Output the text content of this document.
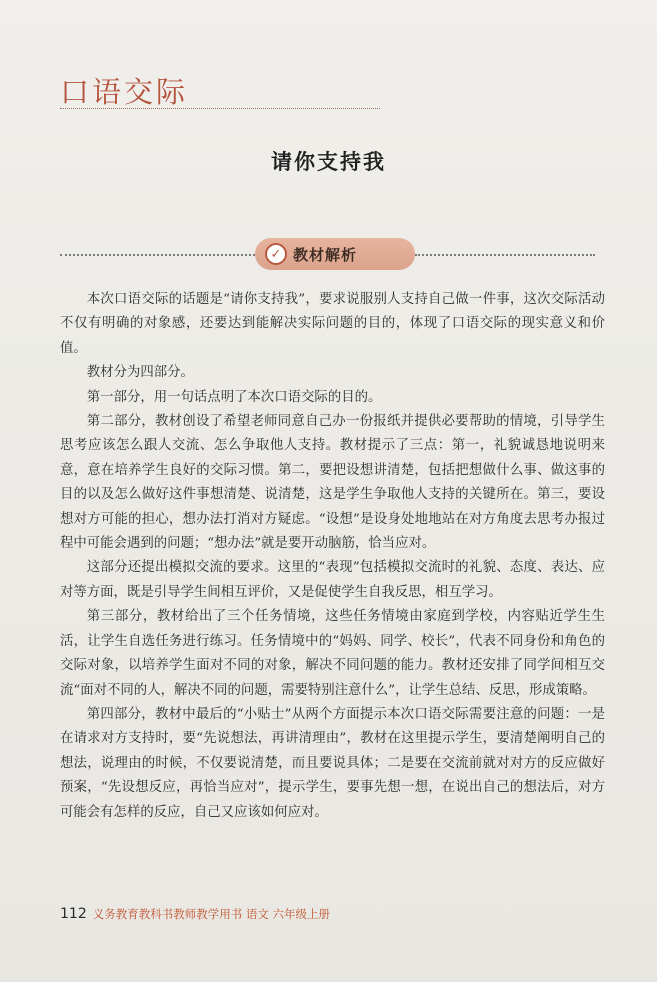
口语交际
请你支持我
✓ 教材解析

本次口语交际的话题是“请你支持我”，要求说服别人支持自己做一件事，这次交际活动不仅有明确的对象感，还要达到能解决实际问题的目的，体现了口语交际的现实意义和价值。

教材分为四部分。

第一部分，用一句话点明了本次口语交际的目的。

第二部分，教材创设了希望老师同意自己办一份报纸并提供必要帮助的情境，引导学生思考应该怎么跟人交流、怎么争取他人支持。教材提示了三点：第一，礼貌诚恳地说明来意，意在培养学生良好的交际习惯。第二，要把设想讲清楚，包括把想做什么事、做这事的目的以及怎么做好这件事想清楚、说清楚，这是学生争取他人支持的关键所在。第三，要设想对方可能的担心，想办法打消对方疑虑。“设想”是设身处地地站在对方角度去思考办报过程中可能会遇到的问题；“想办法”就是要开动脑筋，恰当应对。

这部分还提出模拟交流的要求。这里的“表现”包括模拟交流时的礼貌、态度、表达、应对等方面，既是引导学生间相互评价，又是促使学生自我反思，相互学习。

第三部分，教材给出了三个任务情境，这些任务情境由家庭到学校，内容贴近学生生活，让学生自选任务进行练习。任务情境中的“妈妈、同学、校长”，代表不同身份和角色的交际对象，以培养学生面对不同的对象，解决不同问题的能力。教材还安排了同学间相互交流“面对不同的人，解决不同的问题，需要特别注意什么”，让学生总结、反思，形成策略。

第四部分，教材中最后的“小贴士”从两个方面提示本次口语交际需要注意的问题：一是在请求对方支持时，要“先说想法，再讲清理由”，教材在这里提示学生，要清楚阐明自己的想法，说理由的时候，不仅要说清楚，而且要说具体；二是要在交流前就对对方的反应做好预案，“先设想反应，再恰当应对”，提示学生，要事先想一想，在说出自己的想法后，对方可能会有怎样的反应，自己又应该如何应对。

112 义务教育教科书教师教学用书 语文 六年级上册
